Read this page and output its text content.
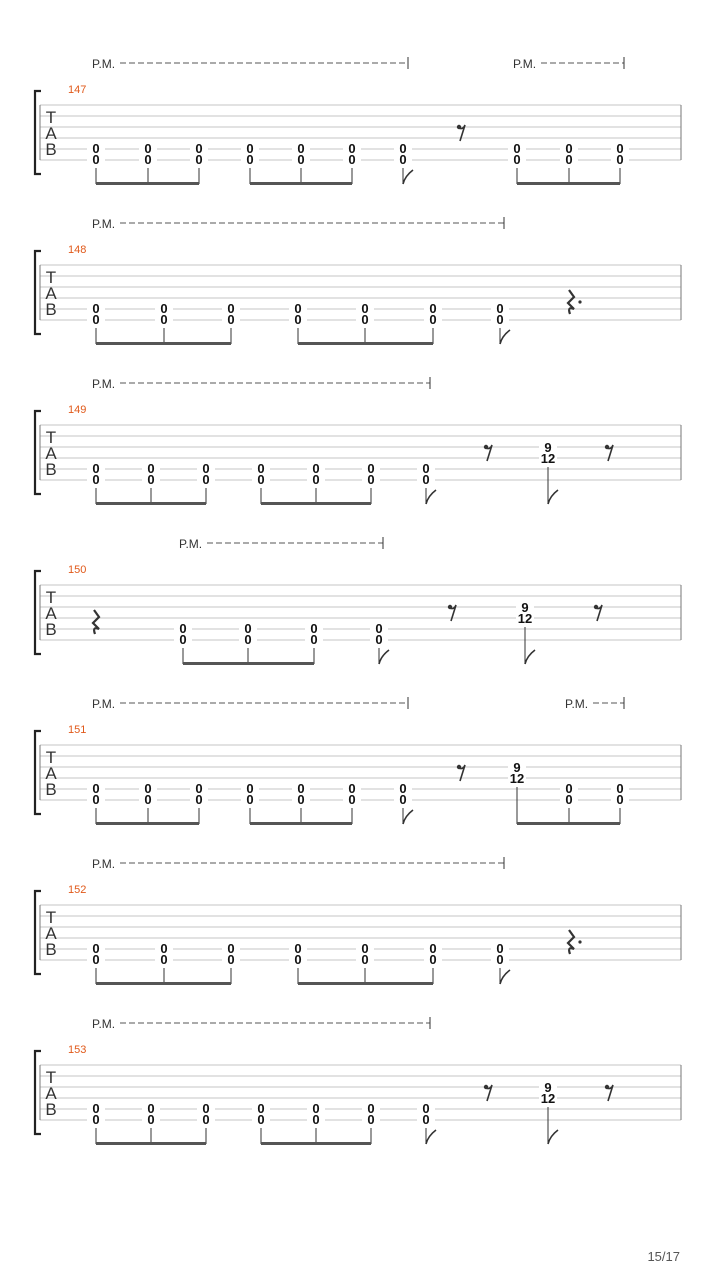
P.M.	P.M.
147
T
A
B	0
0
0
0
0
0
0
0
0
0
0
0
0
0
0
0
0
0
0
0
P.M.
148
T
A
B	0
0
0
0
0
0
0
0
0
0
0
0
0
0
P.M.
149
T
A
B	0
0
0
0
0
0
0
0
0
0
0
0
0
0
9
12
P.M.
150
T
A
B	0
0
0
0
0
0
0
0
9
12
P.M.	P.M.
151
T
A
B	0
0
0
0
0
0
0
0
0
0
0
0
0
0
9
12
0
0
0
0
P.M.
152
T
A
B	0
0
0
0
0
0
0
0
0
0
0
0
0
0
P.M.
153
T
A
B	0
0
0
0
0
0
0
0
0
0
0
0
0
0
9
12
15/17
